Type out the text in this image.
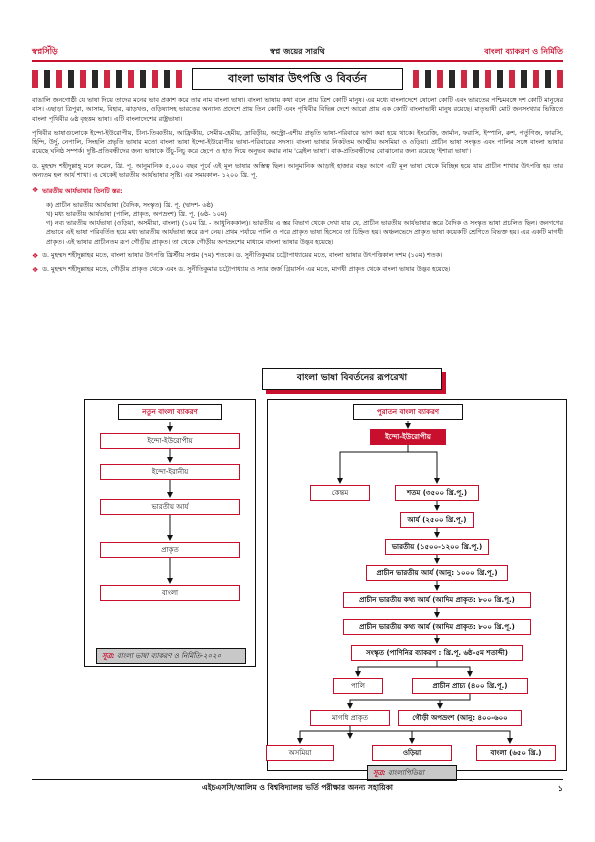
স্বপ্ন জয়ের সারথি
স্বপ্নসিঁড়ি	বাংলা ব্যাকরণ ও নির্মিতি
বাংলা ভাষার উৎপত্তি ও বিবর্তন

বাঙালি জনগোষ্ঠী যে ভাষা দিয়ে তাদের মনের ভাব প্রকাশ করে তার নাম বাংলা ভাষা। বাংলা ভাষায় কথা বলে প্রায় ত্রিশ কোটি মানুষ। এর মধ্যে বাংলাদেশে ষোলো কোটি এবং ভারতের পশ্চিমবঙ্গে দশ কোটি মানুষের বাস। এছাড়া ত্রিপুরা, আসাম, বিহার, ঝাড়খণ্ড, ওড়িষ্যাসহ ভারতের অন্যান্য প্রদেশে প্রায় তিন কোটি এবং পৃথিবীর বিভিন্ন দেশে আরো প্রায় এক কোটি বাংলাভাষী মানুষ রয়েছে। মাতৃভাষী মোট জনসংখ্যার ভিত্তিতে বাংলা পৃথিবীর ৬ষ্ঠ বৃহত্তম ভাষা। এটি বাংলাদেশের রাষ্ট্রভাষা।

পৃথিবীর ভাষাগুলোকে ইন্দো-ইউরোপীয়, চীনা-তিব্বতীয়, আফ্রিকীয়, সেমীয়-হেমীয়, দ্রাবিড়ীয়, অস্ট্রো-এশীয় প্রভৃতি ভাষা-পরিবারে ভাগ করা হয়ে থাকে। ইংরেজি, জার্মান, ফরাসি, ইস্পানি, রুশ, পর্তুগিজ, ফারসি, হিন্দি, উর্দু, নেপালি, সিংহলি প্রভৃতি ভাষার মতো বাংলা ভাষা ইন্দো-ইউরোপীয় ভাষা-পরিবারের সদস্য। বাংলা ভাষার নিকটতম আত্মীয় অসমিয়া ও ওড়িয়া। প্রাচীন ভাষা সংস্কৃত এবং পালির সঙ্গে বাংলা ভাষার রয়েছে ঘনিষ্ঠ সম্পর্ক। দুষ্টি-প্রতিবন্ধীদের জন্য ভাষাকে উঁচু-নিচু করে ছেপে ও হাত দিয়ে অনুভব করার নাম 'ব্রেইল ভাষা'। বাক-প্রতিবন্ধীদের বোঝানোর জন্য রয়েছে 'ইশারা ভাষা'।

ড. মুহম্মদ শহীদুল্লাহ্ মনে করেন, খ্রি. পূ. আনুমানিক ৫,০০০ বছর পূর্বে এই মূল ভাষার অস্তিত্ব ছিল। আনুমানিক আড়াই হাজার বছর আগে এটি মূল ভাষা থেকে বিচ্ছিন্ন হয়ে যায় প্রাচীন শাখার উৎপত্তি হয় তার অন্যতম হল আর্য শাখা। এ থেকেই ভারতীয় আর্যভাষার সৃষ্টি। এর সময়কাল- ১২০০ খ্রি. পূ.

❖ ভারতীয় আর্যভাষার তিনটি স্তর:
ক) প্রাচীন ভারতীয় আর্যভাষা (বৈদিক, সংস্কৃত) খ্রি. পূ. (দ্বাদশ- ৬ষ্ঠ)
খ) মধ্য ভারতীয় আর্যভাষা (পালি, প্রাকৃত, অপভ্রংশ) খ্রি. পূ. (৬ষ্ঠ- ১০ম)
গ) নব্য ভারতীয় আর্যভাষা (ওড়িয়া, অসমীয়া, বাংলা) (১০ম খ্রি. - আধুনিককাল)। ভারতীয় এ স্তর বিভাগ থেকে দেখা যায় যে, প্রাচীন ভারতীয় আর্যভাষার স্তরে বৈদিক ও সংস্কৃত ভাষা প্রচলিত ছিল। জনগণের প্রভাবে এই ভাষা পরিবর্তিত হয়ে মধ্য ভারতীয় আর্যভাষা স্তরে রূপ নেয়। প্রথম পর্যায়ে পালি ও পরে প্রাকৃত ভাষা হিসেবে তা চিহ্নিত হয়। অঞ্চলভেদে প্রাকৃত ভাষা কয়েকটি শ্রেণিতে বিভক্ত হয়। এর একটি মাগধী প্রাকৃত। এই ভাষার প্রাচীনতম রূপ গৌড়ীয় প্রাকৃত। তা থেকে গৌড়ীয় অপভ্রংশের মাধ্যমে বাংলা ভাষার উদ্ভব হয়েছে।
❖ ড. মুহম্মদ শহীদুল্লাহর মতে, বাংলা ভাষার উৎপত্তি খ্রিস্টীয় সপ্তম (৭ম) শতকে। ড. সুনীতিকুমার চট্টোপাধ্যায়ের মতে, বাংলা ভাষার উৎপত্তিকাল দশম (১০ম) শতক।
❖ ড. মুহম্মদ শহীদুল্লাহর মতে, গৌড়ীয় প্রাকৃত থেকে এবং ড. সুনীতিকুমার চট্টোপাধ্যায় ও স্যার জর্জ গ্রিয়ার্সন এর মতে, মাগধী প্রাকৃত থেকে বাংলা ভাষার উদ্ভব হয়েছে।
বাংলা ভাষা বিবর্তনের রূপরেখা
নতুন বাংলা ব্যাকরণ
ইন্দো-ইউরোপীয়
ইন্দো-ইরানীয়
ভারতীয় আর্য
প্রাকৃত
বাংলা
সূত্র: বাংলা ভাষা ব্যাকরণ ও নির্মিতি-২০২০
পুরাতন বাংলা ব্যাকরণ
ইন্দো-ইউরোপীয়
কেন্তম	শতম (৩৫০০ খ্রি.পূ.)
আর্য (২৫০০ খ্রি.পূ.)
ভারতীয় (১৫০০-১২০০ খ্রি.পূ.)
প্রাচীন ভারতীয় আর্য (আনু: ১০০০ খ্রি.পূ.)
প্রাচীন ভারতীয় কথ্য আর্য (আদিম প্রাকৃত: ৮০০ খ্রি.পূ.)
প্রাচীন ভারতীয় কথ্য আর্য (আদিম প্রাকৃত: ৮০০ খ্রি.পূ.)
সংস্কৃত (পাণিনির ব্যাকরণ : খ্রি.পূ. ৬ষ্ঠ-৫ম শতাব্দী)
পালি	প্রাচীন প্রাচ্য (৪০০ খ্রি.পূ.)
মাগধি প্রাকৃত	গৌড়ী অপভ্রংশ (আনু: ৪০০-৬০০
অসমিয়া	ওড়িয়া	বাংলা (৬৫০ খ্রি.)
সূত্র: বাংলাপিডিয়া
এইচএসসি/আলিম ও বিশ্ববিদ্যালয় ভর্তি পরীক্ষার অনন্য সহায়িকা	১
